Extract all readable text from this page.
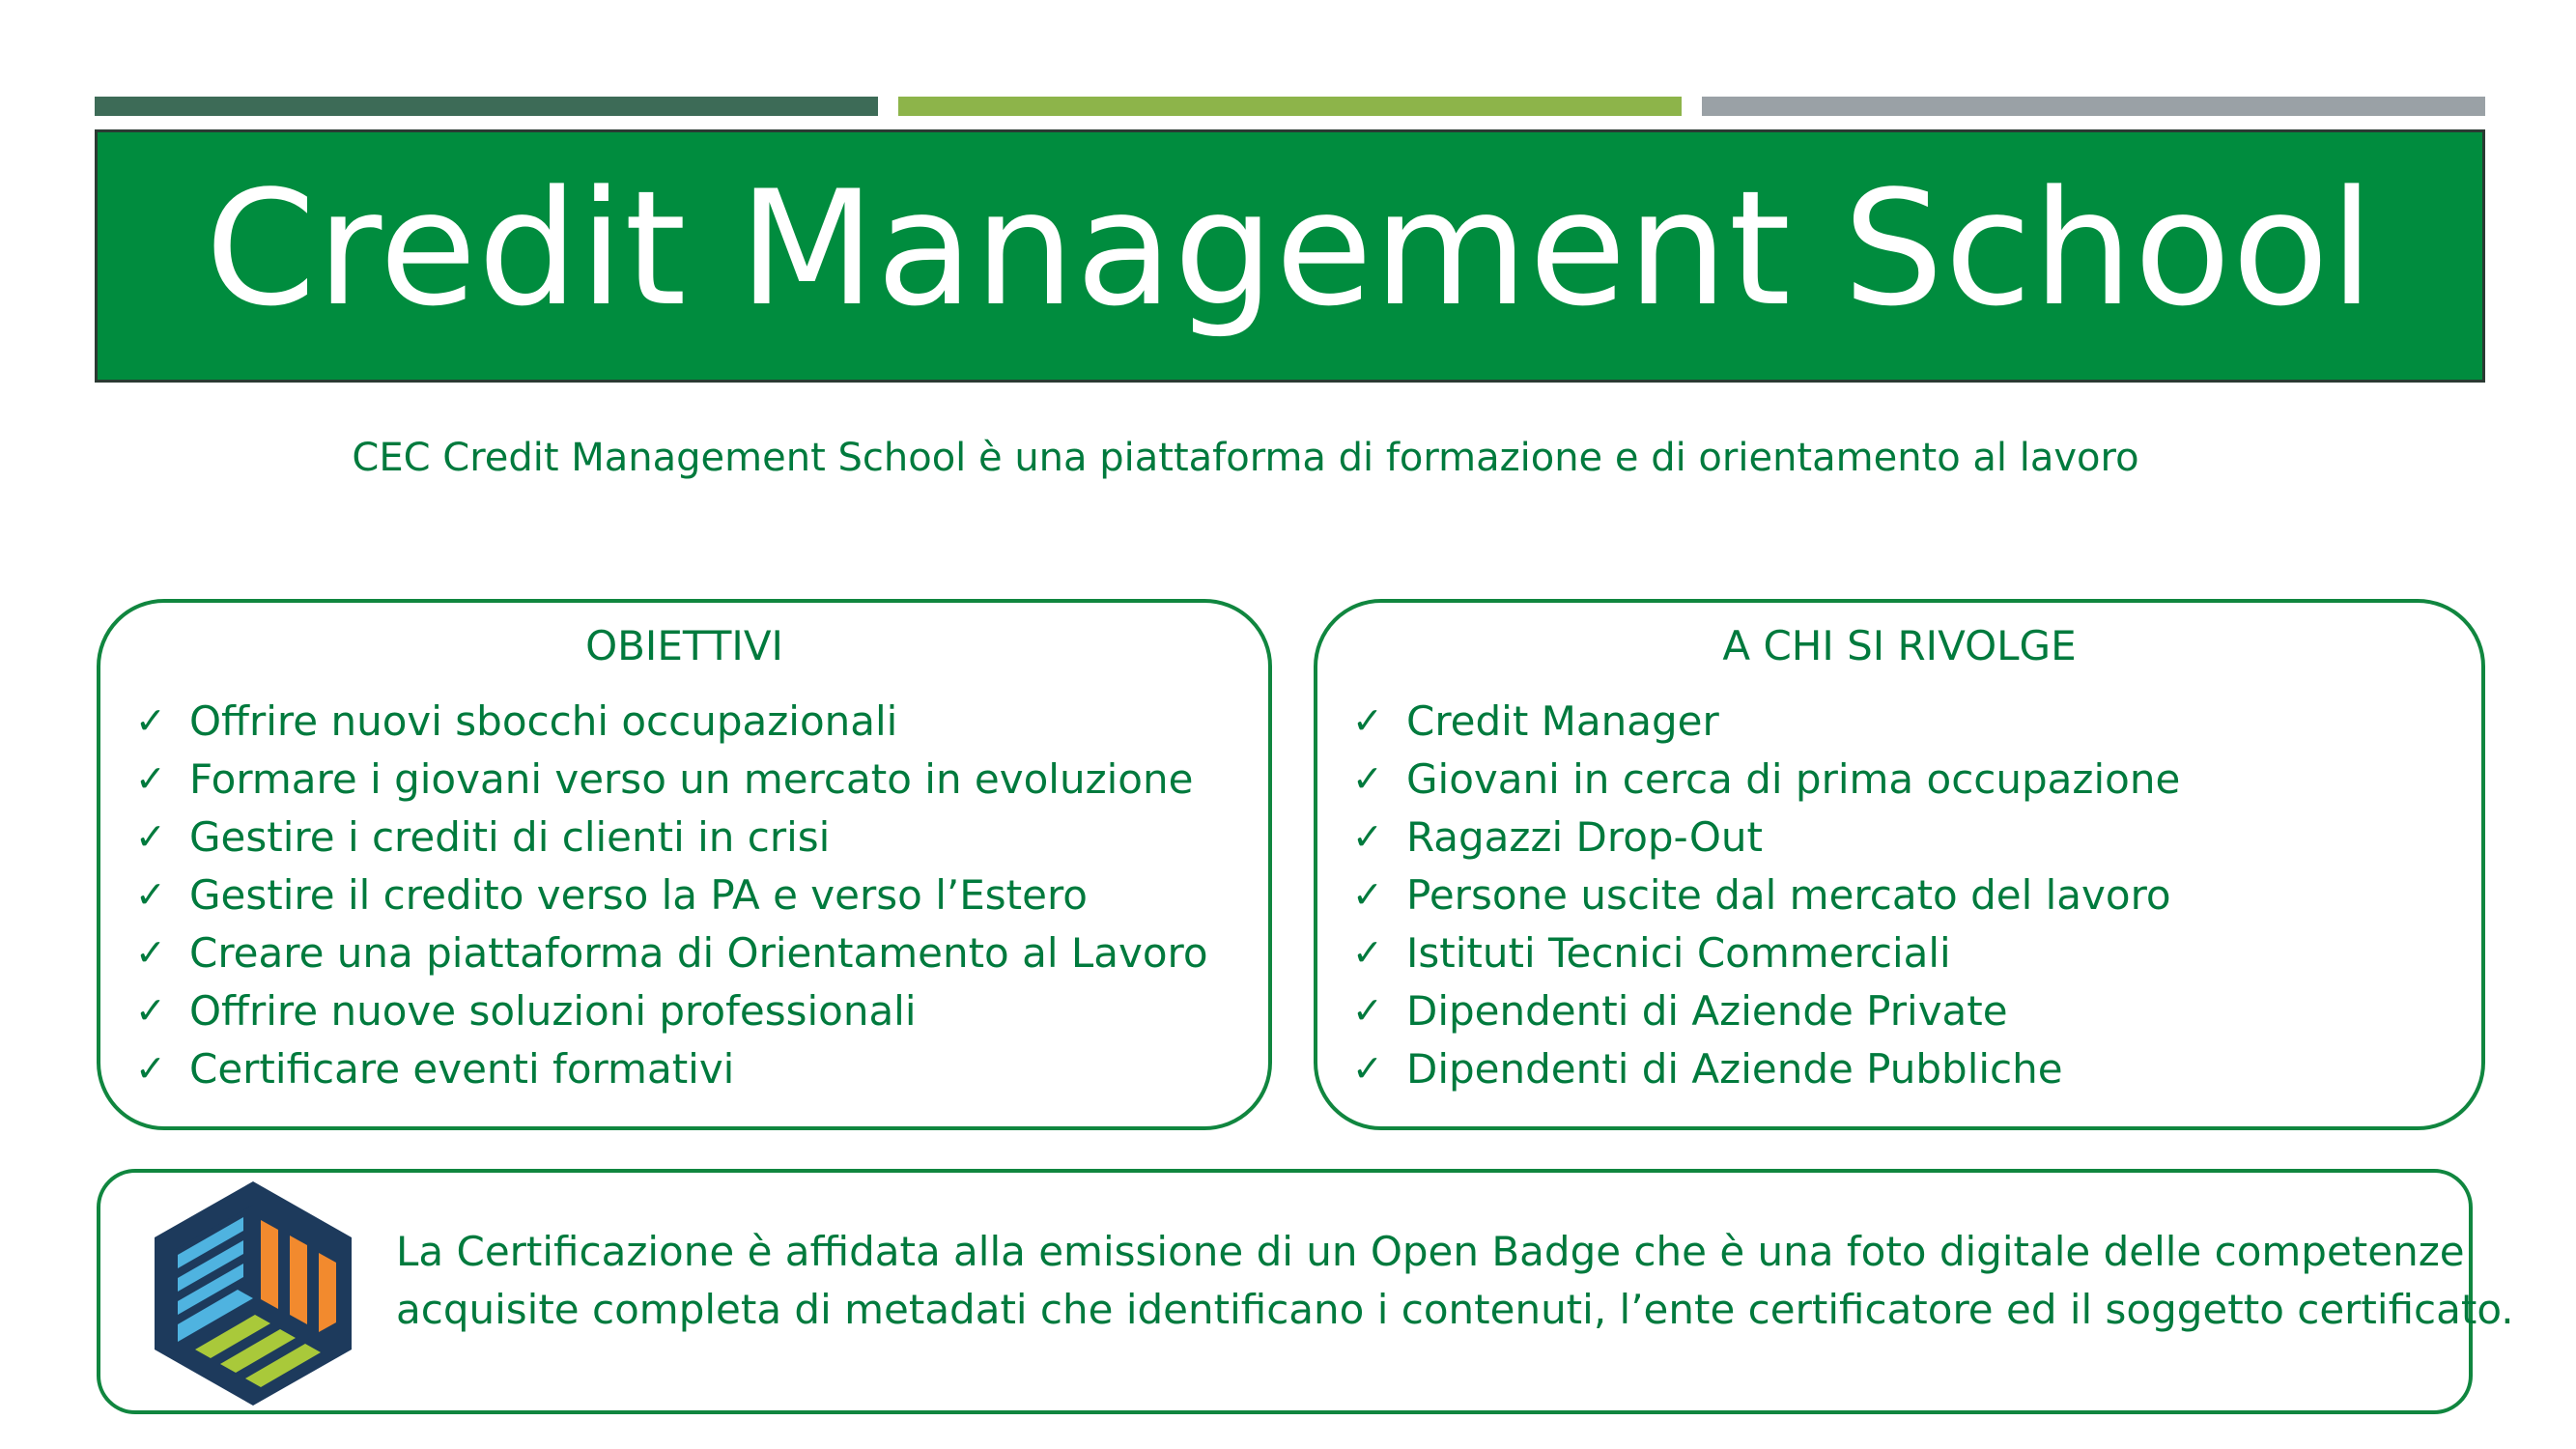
Credit Management School
CEC Credit Management School è una piattaforma di formazione e di orientamento al lavoro
OBIETTIVI
✓ Offrire nuovi sbocchi occupazionali
✓ Formare i giovani verso un mercato in evoluzione
✓ Gestire i crediti di clienti in crisi
✓ Gestire il credito verso la PA e verso l’Estero
✓ Creare una piattaforma di Orientamento al Lavoro
✓ Offrire nuove soluzioni professionali
✓ Certificare eventi formativi
A CHI SI RIVOLGE
✓ Credit Manager
✓ Giovani in cerca di prima occupazione
✓ Ragazzi Drop-Out
✓ Persone uscite dal mercato del lavoro
✓ Istituti Tecnici Commerciali
✓ Dipendenti di Aziende Private
✓ Dipendenti di Aziende Pubbliche
La Certificazione è affidata alla emissione di un Open Badge che è una foto digitale delle competenze
acquisite completa di metadati che identificano i contenuti, l’ente certificatore ed il soggetto certificato.
